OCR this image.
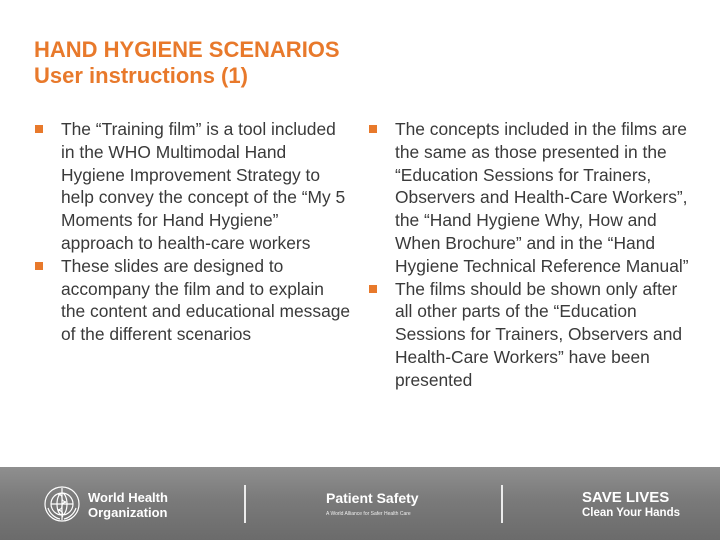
HAND HYGIENE SCENARIOS
User instructions (1)
The “Training film” is a tool included in the WHO Multimodal Hand Hygiene Improvement Strategy to help convey the concept of the “My 5 Moments for Hand Hygiene” approach to health-care workers
These slides are designed to accompany the film and to explain the content and educational message of the different scenarios
The concepts included in the films are the same as those presented in the “Education Sessions for Trainers, Observers and Health-Care Workers”, the “Hand Hygiene Why, How and When Brochure” and in the “Hand Hygiene Technical Reference Manual”
The films should be shown only after all other parts of the “Education Sessions for Trainers, Observers and Health-Care Workers” have been presented
World Health
Organization
Patient Safety
A World Alliance for Safer Health Care
SAVE LIVES
Clean Your Hands
